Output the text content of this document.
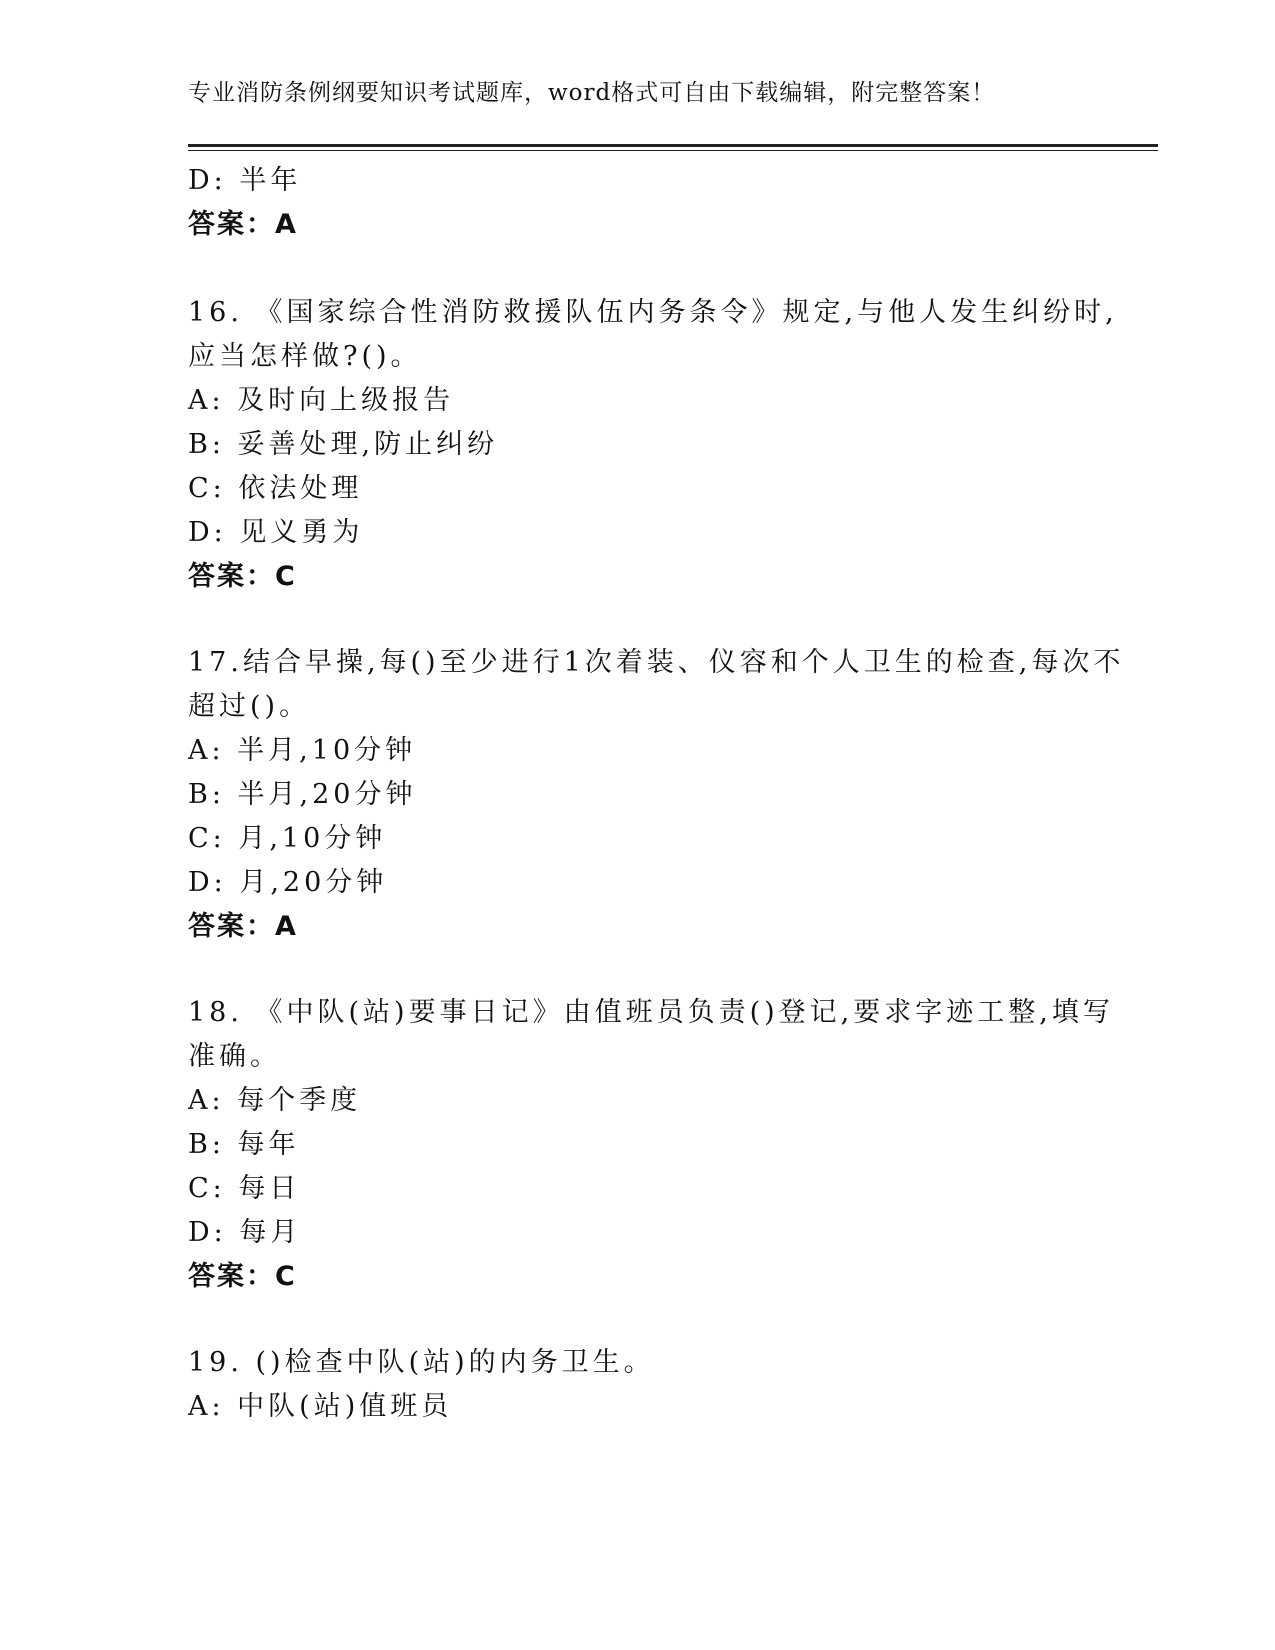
专业消防条例纲要知识考试题库，word格式可自由下载编辑，附完整答案！
D: 半年
答案：A
16. 《国家综合性消防救援队伍内务条令》规定,与他人发生纠纷时,
应当怎样做?()。
A: 及时向上级报告
B: 妥善处理,防止纠纷
C: 依法处理
D: 见义勇为
答案：C
17.结合早操,每()至少进行1次着装、仪容和个人卫生的检查,每次不
超过()。
A: 半月,10分钟
B: 半月,20分钟
C: 月,10分钟
D: 月,20分钟
答案：A
18. 《中队(站)要事日记》由值班员负责()登记,要求字迹工整,填写
准确。
A: 每个季度
B: 每年
C: 每日
D: 每月
答案：C
19. ()检查中队(站)的内务卫生。
A: 中队(站)值班员
